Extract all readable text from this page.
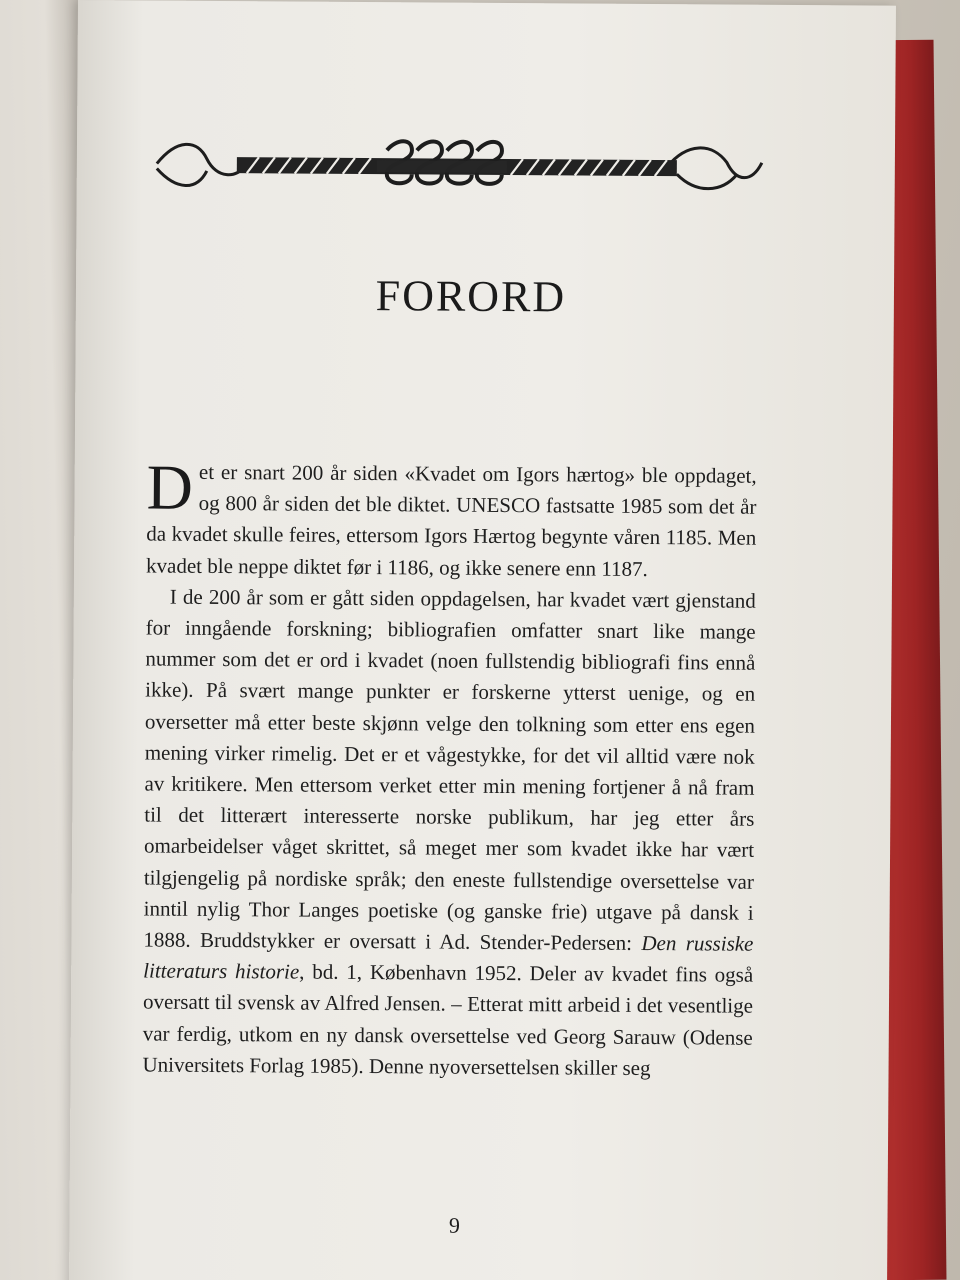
FORORD

Det er snart 200 år siden «Kvadet om Igors hærtog» ble oppdaget, og 800 år siden det ble diktet. UNESCO fastsatte 1985 som det år da kvadet skulle feires, ettersom Igors Hærtog begynte våren 1185. Men kvadet ble neppe diktet før i 1186, og ikke senere enn 1187.

I de 200 år som er gått siden oppdagelsen, har kvadet vært gjenstand for inngående forskning; bibliografien omfatter snart like mange nummer som det er ord i kvadet (noen fullstendig bibliografi fins ennå ikke). På svært mange punkter er forskerne ytterst uenige, og en oversetter må etter beste skjønn velge den tolkning som etter ens egen mening virker rimelig. Det er et vågestykke, for det vil alltid være nok av kritikere. Men ettersom verket etter min mening fortjener å nå fram til det litterært interesserte norske publikum, har jeg etter års omarbeidelser våget skrittet, så meget mer som kvadet ikke har vært tilgjengelig på nordiske språk; den eneste fullstendige oversettelse var inntil nylig Thor Langes poetiske (og ganske frie) utgave på dansk i 1888. Bruddstykker er oversatt i Ad. Stender-Pedersen: Den russiske litteraturs historie, bd. 1, København 1952. Deler av kvadet fins også oversatt til svensk av Alfred Jensen. – Etterat mitt arbeid i det vesentlige var ferdig, utkom en ny dansk oversettelse ved Georg Sarauw (Odense Universitets Forlag 1985). Denne nyoversettelsen skiller seg

9
